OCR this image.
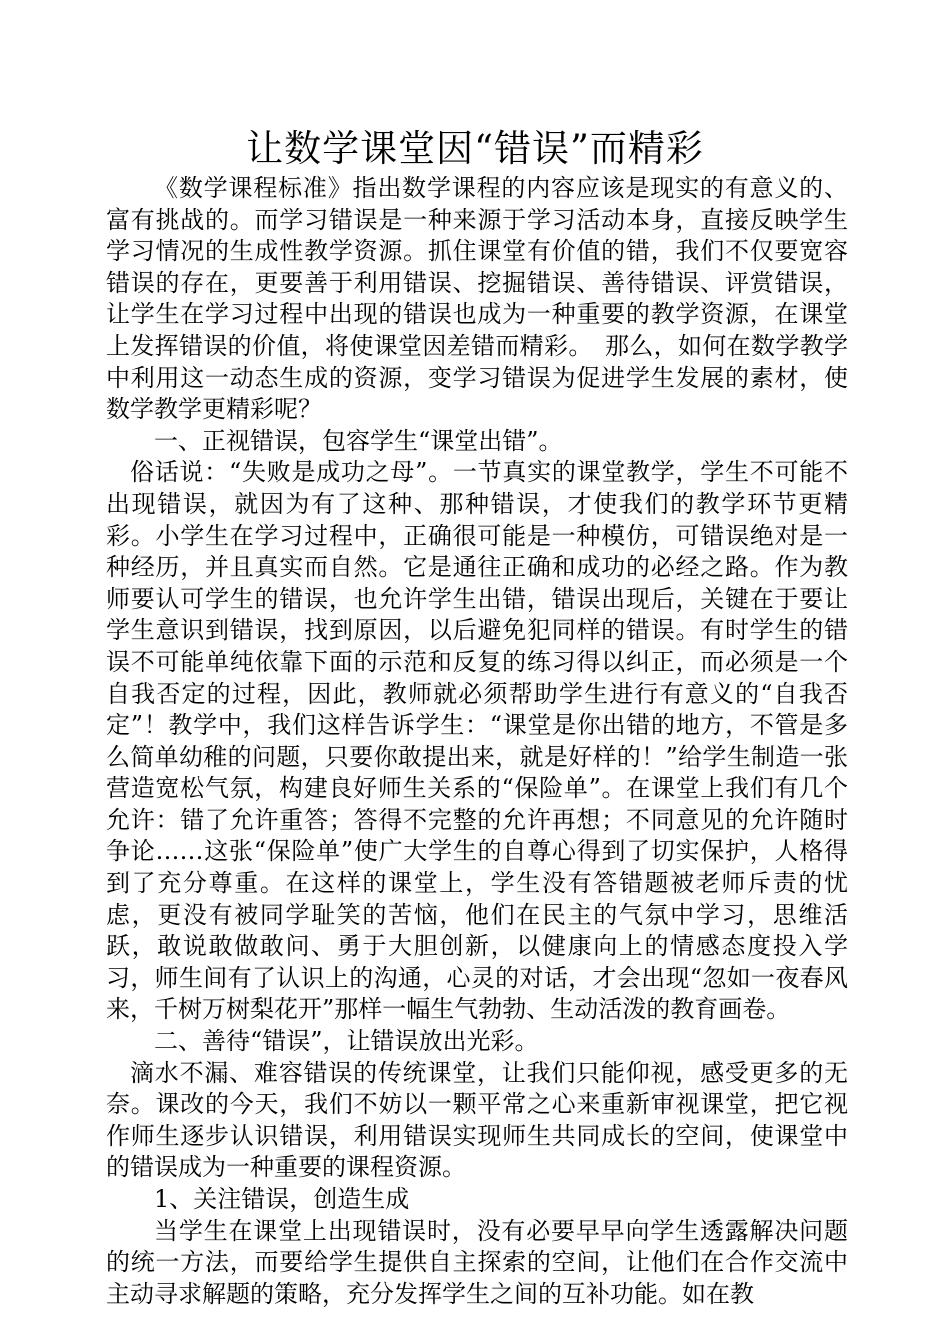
让数学课堂因“错误”而精彩

《数学课程标准》指出数学课程的内容应该是现实的有意义的、富有挑战的。而学习错误是一种来源于学习活动本身，直接反映学生学习情况的生成性教学资源。抓住课堂有价值的错，我们不仅要宽容错误的存在，更要善于利用错误、挖掘错误、善待错误、评赏错误，让学生在学习过程中出现的错误也成为一种重要的教学资源，在课堂上发挥错误的价值，将使课堂因差错而精彩。　那么，如何在数学教学中利用这一动态生成的资源，变学习错误为促进学生发展的素材，使数学教学更精彩呢？

一、正视错误，包容学生“课堂出错”。

俗话说：“失败是成功之母”。一节真实的课堂教学，学生不可能不出现错误，就因为有了这种、那种错误，才使我们的教学环节更精彩。小学生在学习过程中，正确很可能是一种模仿，可错误绝对是一种经历，并且真实而自然。它是通往正确和成功的必经之路。作为教师要认可学生的错误，也允许学生出错，错误出现后，关键在于要让学生意识到错误，找到原因，以后避免犯同样的错误。有时学生的错误不可能单纯依靠下面的示范和反复的练习得以纠正，而必须是一个自我否定的过程，因此，教师就必须帮助学生进行有意义的“自我否定”！教学中，我们这样告诉学生：“课堂是你出错的地方，不管是多么简单幼稚的问题，只要你敢提出来，就是好样的！”给学生制造一张营造宽松气氛，构建良好师生关系的“保险单”。在课堂上我们有几个允许：错了允许重答；答得不完整的允许再想；不同意见的允许随时争论……这张“保险单”使广大学生的自尊心得到了切实保护，人格得到了充分尊重。在这样的课堂上，学生没有答错题被老师斥责的忧虑，更没有被同学耻笑的苦恼，他们在民主的气氛中学习，思维活跃，敢说敢做敢问、勇于大胆创新，以健康向上的情感态度投入学习，师生间有了认识上的沟通，心灵的对话，才会出现“忽如一夜春风来，千树万树梨花开”那样一幅生气勃勃、生动活泼的教育画卷。

二、善待“错误”，让错误放出光彩。

滴水不漏、难容错误的传统课堂，让我们只能仰视，感受更多的无奈。课改的今天，我们不妨以一颗平常之心来重新审视课堂，把它视作师生逐步认识错误，利用错误实现师生共同成长的空间，使课堂中的错误成为一种重要的课程资源。

1、关注错误，创造生成

当学生在课堂上出现错误时，没有必要早早向学生透露解决问题的统一方法，而要给学生提供自主探索的空间，让他们在合作交流中主动寻求解题的策略，充分发挥学生之间的互补功能。如在教
